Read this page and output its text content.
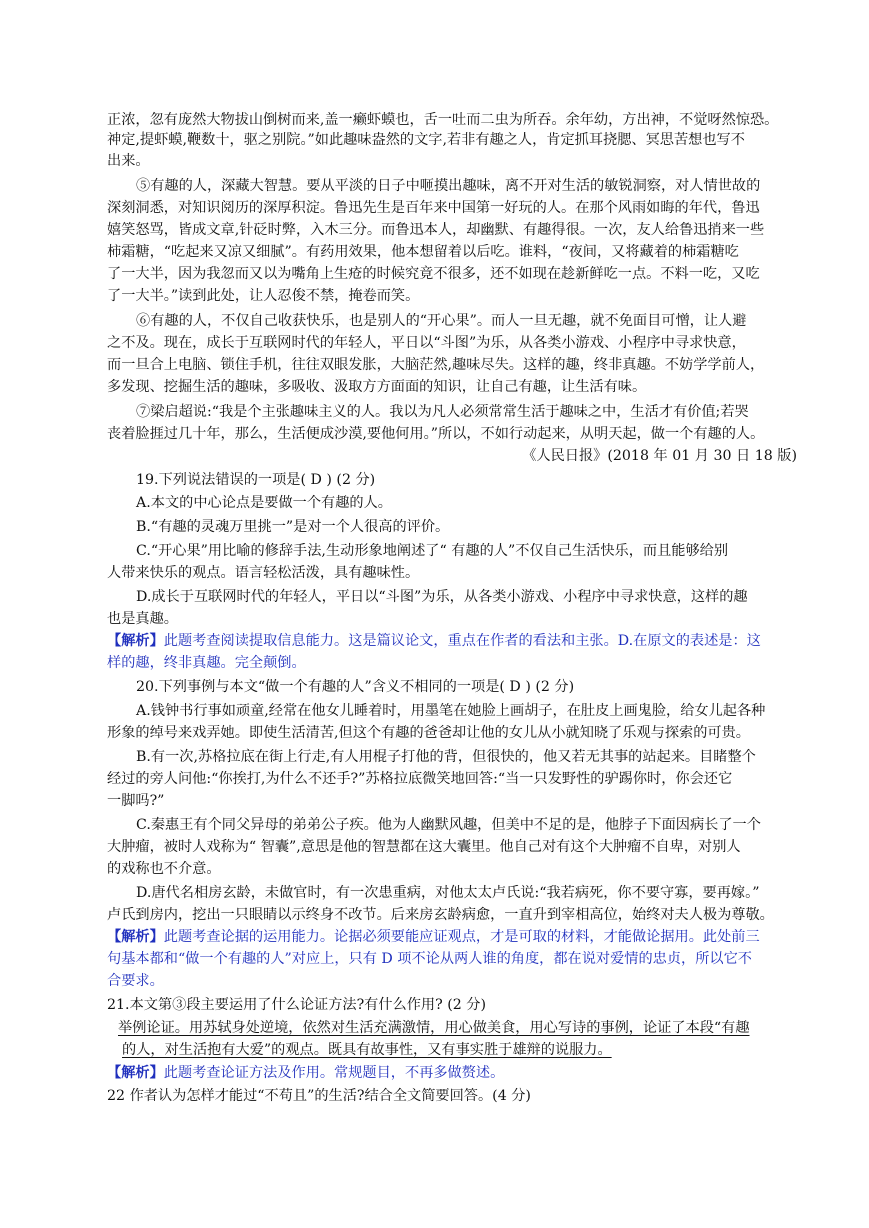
正浓，忽有庞然大物拔山倒树而来,盖一癞虾蟆也，舌一吐而二虫为所吞。余年幼，方出神，不觉呀然惊恐。
神定,提虾蟆,鞭数十，驱之别院。”如此趣味盎然的文字,若非有趣之人，肯定抓耳挠腮、冥思苦想也写不
出来。
⑤有趣的人，深藏大智慧。要从平淡的日子中咂摸出趣味，离不开对生活的敏锐洞察，对人情世故的
深刻洞悉，对知识阅历的深厚积淀。鲁迅先生是百年来中国第一好玩的人。在那个风雨如晦的年代，鲁迅
嬉笑怒骂，皆成文章,针砭时弊，入木三分。而鲁迅本人，却幽默、有趣得很。一次，友人给鲁迅捎来一些
柿霜糖，“吃起来又凉又细腻”。有药用效果，他本想留着以后吃。谁料，“夜间，又将藏着的柿霜糖吃
了一大半，因为我忽而又以为嘴角上生疮的时候究竟不很多，还不如现在趁新鲜吃一点。不料一吃，又吃
了一大半。”读到此处，让人忍俊不禁，掩卷而笑。
⑥有趣的人，不仅自己收获快乐，也是别人的“开心果”。而人一旦无趣，就不免面目可憎，让人避
之不及。现在，成长于互联网时代的年轻人，平日以“斗图”为乐，从各类小游戏、小程序中寻求快意，
而一旦合上电脑、锁住手机，往往双眼发胀，大脑茫然,趣味尽失。这样的趣，终非真趣。不妨学学前人，
多发现、挖掘生活的趣味，多吸收、汲取方方面面的知识，让自己有趣，让生活有味。
⑦梁启超说:“我是个主张趣味主义的人。我以为凡人必须常常生活于趣味之中，生活才有价值;若哭
丧着脸捱过几十年，那么，生活便成沙漠,要他何用。”所以，不如行动起来，从明天起，做一个有趣的人。
《人民日报》(2018 年 01 月 30 日 18 版)
19.下列说法错误的一项是( D ) (2 分)
A.本文的中心论点是要做一个有趣的人。
B.“有趣的灵魂万里挑一”是对一个人很高的评价。
C.“开心果”用比喻的修辞手法,生动形象地阐述了“ 有趣的人”不仅自己生活快乐，而且能够给别
人带来快乐的观点。语言轻松活泼，具有趣味性。
D.成长于互联网时代的年轻人，平日以“斗图”为乐，从各类小游戏、小程序中寻求快意，这样的趣
也是真趣。
【解析】此题考查阅读提取信息能力。这是篇议论文，重点在作者的看法和主张。D.在原文的表述是：这
样的趣，终非真趣。完全颠倒。
20.下列事例与本文“做一个有趣的人”含义不相同的一项是( D ) (2 分)
A.钱钟书行事如顽童,经常在他女儿睡着时，用墨笔在她脸上画胡子，在肚皮上画鬼脸，给女儿起各种
形象的绰号来戏弄她。即使生活清苦,但这个有趣的爸爸却让他的女儿从小就知晓了乐观与探索的可贵。
B.有一次,苏格拉底在街上行走,有人用棍子打他的背，但很快的，他又若无其事的站起来。目睹整个
经过的旁人问他:“你挨打,为什么不还手?”苏格拉底微笑地回答:“当一只发野性的驴踢你时，你会还它
一脚吗?”
C.秦惠王有个同父异母的弟弟公子疾。他为人幽默风趣，但美中不足的是，他脖子下面因病长了一个
大肿瘤，被时人戏称为“ 智囊”,意思是他的智慧都在这大囊里。他自己对有这个大肿瘤不自卑，对别人
的戏称也不介意。
D.唐代名相房玄龄，未做官时，有一次患重病，对他太太卢氏说:“我若病死，你不要守寡，要再嫁。”
卢氏到房内，挖出一只眼睛以示终身不改节。后来房玄龄病愈，一直升到宰相高位，始终对夫人极为尊敬。
【解析】此题考查论据的运用能力。论据必须要能应证观点，才是可取的材料，才能做论据用。此处前三
句基本都和“做一个有趣的人”对应上，只有 D 项不论从两人谁的角度，都在说对爱情的忠贞，所以它不
合要求。
21.本文第③段主要运用了什么论证方法?有什么作用? (2 分)
举例论证。用苏轼身处逆境，依然对生活充满激情，用心做美食，用心写诗的事例，论证了本段“有趣
的人，对生活抱有大爱”的观点。既具有故事性，又有事实胜于雄辩的说服力。
【解析】此题考查论证方法及作用。常规题目，不再多做赘述。
22 作者认为怎样才能过“不苟且”的生活?结合全文简要回答。(4 分)
